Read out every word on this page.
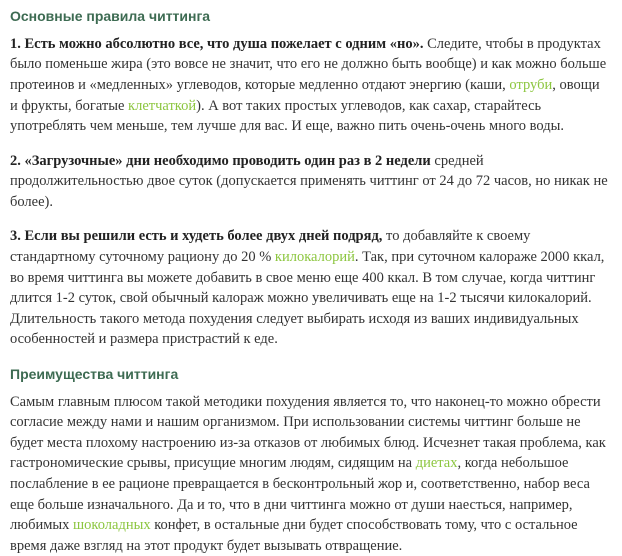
Основные правила читтинга

1. Есть можно абсолютно все, что душа пожелает с одним «но». Следите, чтобы в продуктах было поменьше жира (это вовсе не значит, что его не должно быть вообще) и как можно больше протеинов и «медленных» углеводов, которые медленно отдают энергию (каши, отруби, овощи и фрукты, богатые клетчаткой). А вот таких простых углеводов, как сахар, старайтесь употреблять чем меньше, тем лучше для вас. И еще, важно пить очень-очень много воды.

2. «Загрузочные» дни необходимо проводить один раз в 2 недели средней продолжительностью двое суток (допускается применять читтинг от 24 до 72 часов, но никак не более).

3. Если вы решили есть и худеть более двух дней подряд, то добавляйте к своему стандартному суточному рациону до 20 % килокалорий. Так, при суточном калораже 2000 ккал, во время читтинга вы можете добавить в свое меню еще 400 ккал. В том случае, когда читтинг длится 1-2 суток, свой обычный калораж можно увеличивать еще на 1-2 тысячи килокалорий. Длительность такого метода похудения следует выбирать исходя из ваших индивидуальных особенностей и размера пристрастий к еде.

Преимущества читтинга

Самым главным плюсом такой методики похудения является то, что наконец-то можно обрести согласие между нами и нашим организмом. При использовании системы читтинг больше не будет места плохому настроению из-за отказов от любимых блюд. Исчезнет такая проблема, как гастрономические срывы, присущие многим людям, сидящим на диетах, когда небольшое послабление в ее рационе превращается в бесконтрольный жор и, соответственно, набор веса еще больше изначального. Да и то, что в дни читтинга можно от души наесться, например, любимых шоколадных конфет, в остальные дни будет способствовать тому, что с остальное время даже взгляд на этот продукт будет вызывать отвращение.
